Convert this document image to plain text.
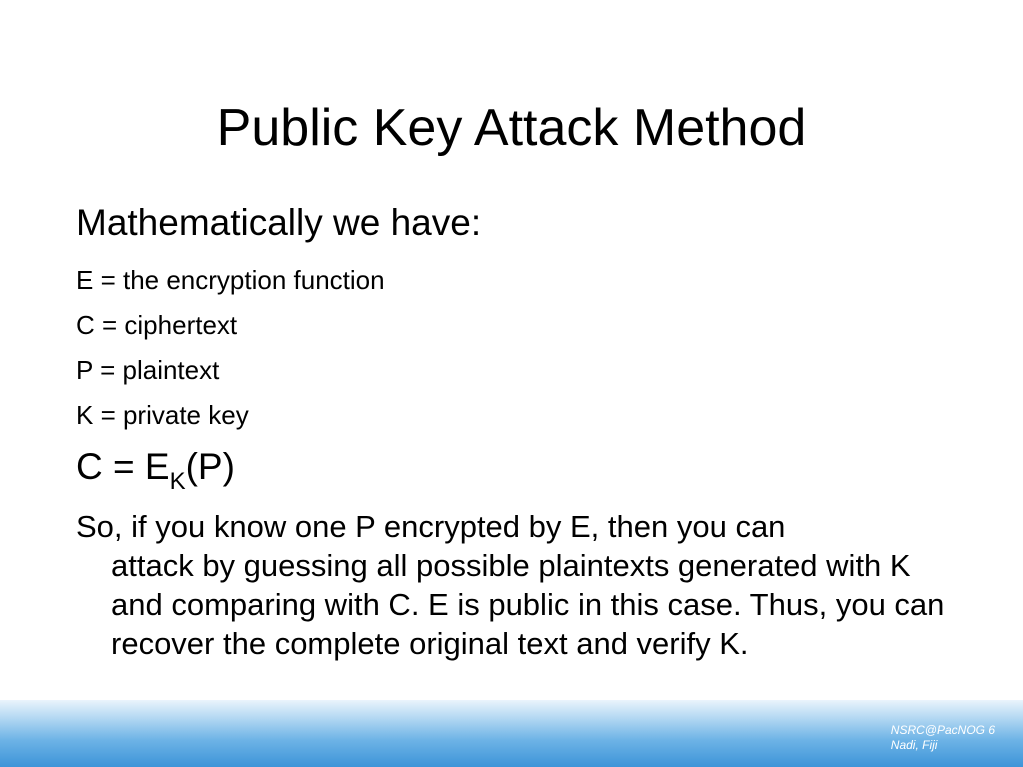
Public Key Attack Method

Mathematically we have:

E = the encryption function

C = ciphertext

P = plaintext

K = private key

$C = E_K(P)$

So, if you know one P encrypted by E, then you can
attack by guessing all possible plaintexts generated with K and comparing with C. E is public in this case. Thus, you can recover the complete original text and verify K.

NSRC@PacNOG 6
Nadi, Fiji
